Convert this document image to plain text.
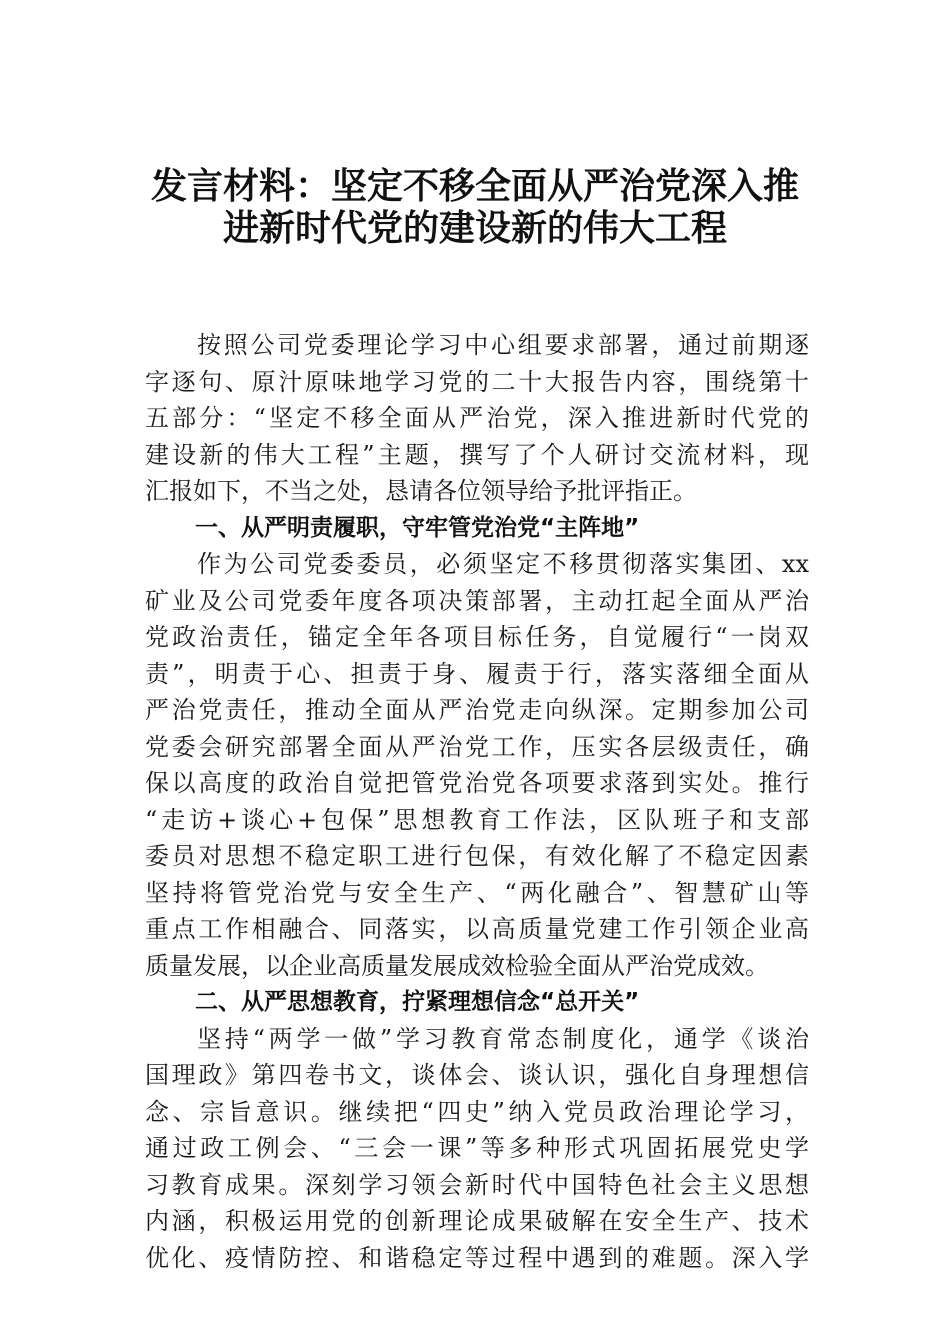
发言材料：坚定不移全面从严治党深入推
进新时代党的建设新的伟大工程
按照公司党委理论学习中心组要求部署，通过前期逐
字逐句、原汁原味地学习党的二十大报告内容，围绕第十
五部分：“坚定不移全面从严治党，深入推进新时代党的
建设新的伟大工程”主题，撰写了个人研讨交流材料，现
汇报如下，不当之处，恳请各位领导给予批评指正。
一、从严明责履职，守牢管党治党“主阵地”
作为公司党委委员，必须坚定不移贯彻落实集团、xx
矿业及公司党委年度各项决策部署，主动扛起全面从严治
党政治责任，锚定全年各项目标任务，自觉履行“一岗双
责”，明责于心、担责于身、履责于行，落实落细全面从
严治党责任，推动全面从严治党走向纵深。定期参加公司
党委会研究部署全面从严治党工作，压实各层级责任，确
保以高度的政治自觉把管党治党各项要求落到实处。推行
“走访+谈心+包保”思想教育工作法，区队班子和支部
委员对思想不稳定职工进行包保，有效化解了不稳定因素
坚持将管党治党与安全生产、“两化融合”、智慧矿山等
重点工作相融合、同落实，以高质量党建工作引领企业高
质量发展，以企业高质量发展成效检验全面从严治党成效。
二、从严思想教育，拧紧理想信念“总开关”
坚持“两学一做”学习教育常态制度化，通学《谈治
国理政》第四卷书文，谈体会、谈认识，强化自身理想信
念、宗旨意识。继续把“四史”纳入党员政治理论学习，
通过政工例会、“三会一课”等多种形式巩固拓展党史学
习教育成果。深刻学习领会新时代中国特色社会主义思想
内涵，积极运用党的创新理论成果破解在安全生产、技术
优化、疫情防控、和谐稳定等过程中遇到的难题。深入学
